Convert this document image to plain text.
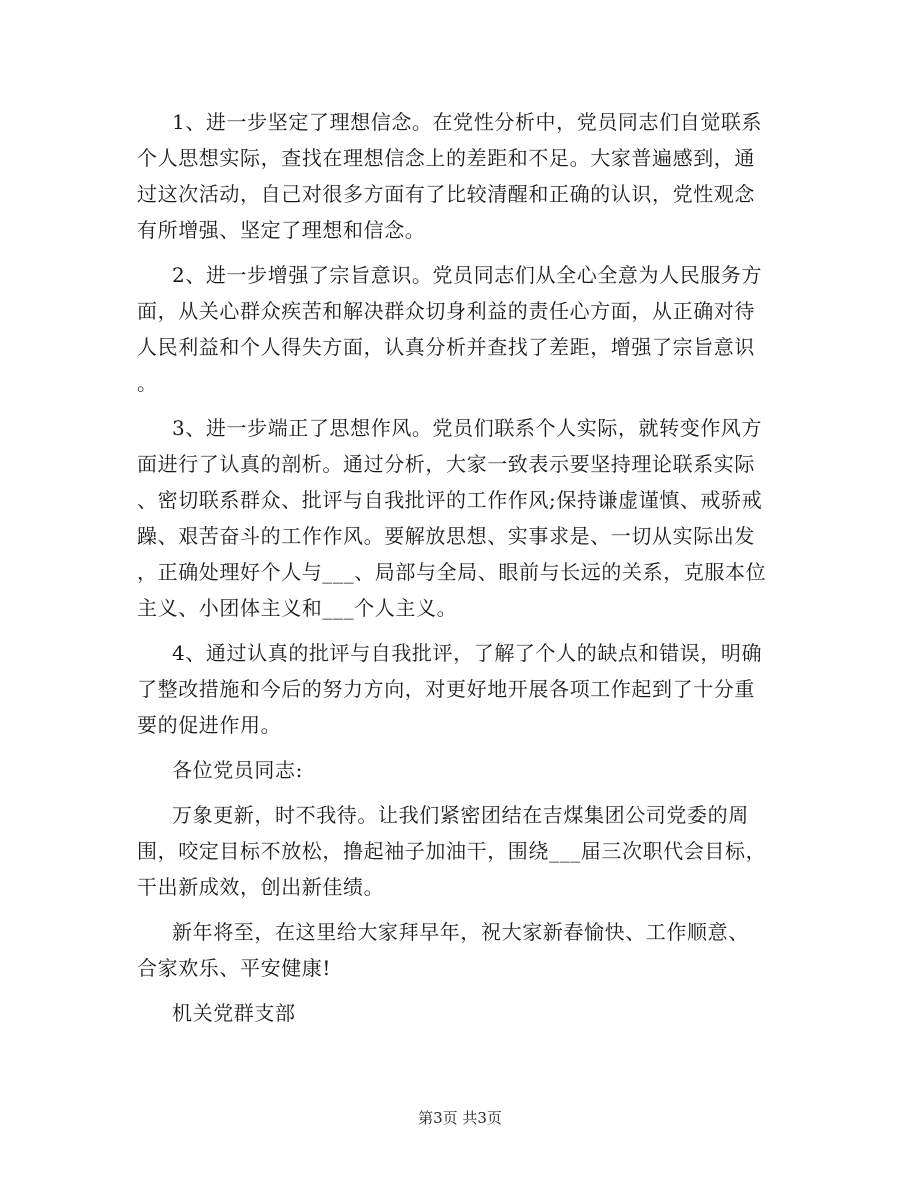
1、进一步坚定了理想信念。在党性分析中，党员同志们自觉联系
个人思想实际，查找在理想信念上的差距和不足。大家普遍感到，通
过这次活动，自己对很多方面有了比较清醒和正确的认识，党性观念
有所增强、坚定了理想和信念。
2、进一步增强了宗旨意识。党员同志们从全心全意为人民服务方
面，从关心群众疾苦和解决群众切身利益的责任心方面，从正确对待
人民利益和个人得失方面，认真分析并查找了差距，增强了宗旨意识
。
3、进一步端正了思想作风。党员们联系个人实际，就转变作风方
面进行了认真的剖析。通过分析，大家一致表示要坚持理论联系实际
、密切联系群众、批评与自我批评的工作作风;保持谦虚谨慎、戒骄戒
躁、艰苦奋斗的工作作风。要解放思想、实事求是、一切从实际出发
，正确处理好个人与___、局部与全局、眼前与长远的关系，克服本位
主义、小团体主义和___个人主义。
4、通过认真的批评与自我批评，了解了个人的缺点和错误，明确
了整改措施和今后的努力方向，对更好地开展各项工作起到了十分重
要的促进作用。
各位党员同志:
万象更新，时不我待。让我们紧密团结在吉煤集团公司党委的周
围，咬定目标不放松，撸起袖子加油干，围绕___届三次职代会目标，
干出新成效，创出新佳绩。
新年将至，在这里给大家拜早年，祝大家新春愉快、工作顺意、
合家欢乐、平安健康!
机关党群支部
第3页 共3页
